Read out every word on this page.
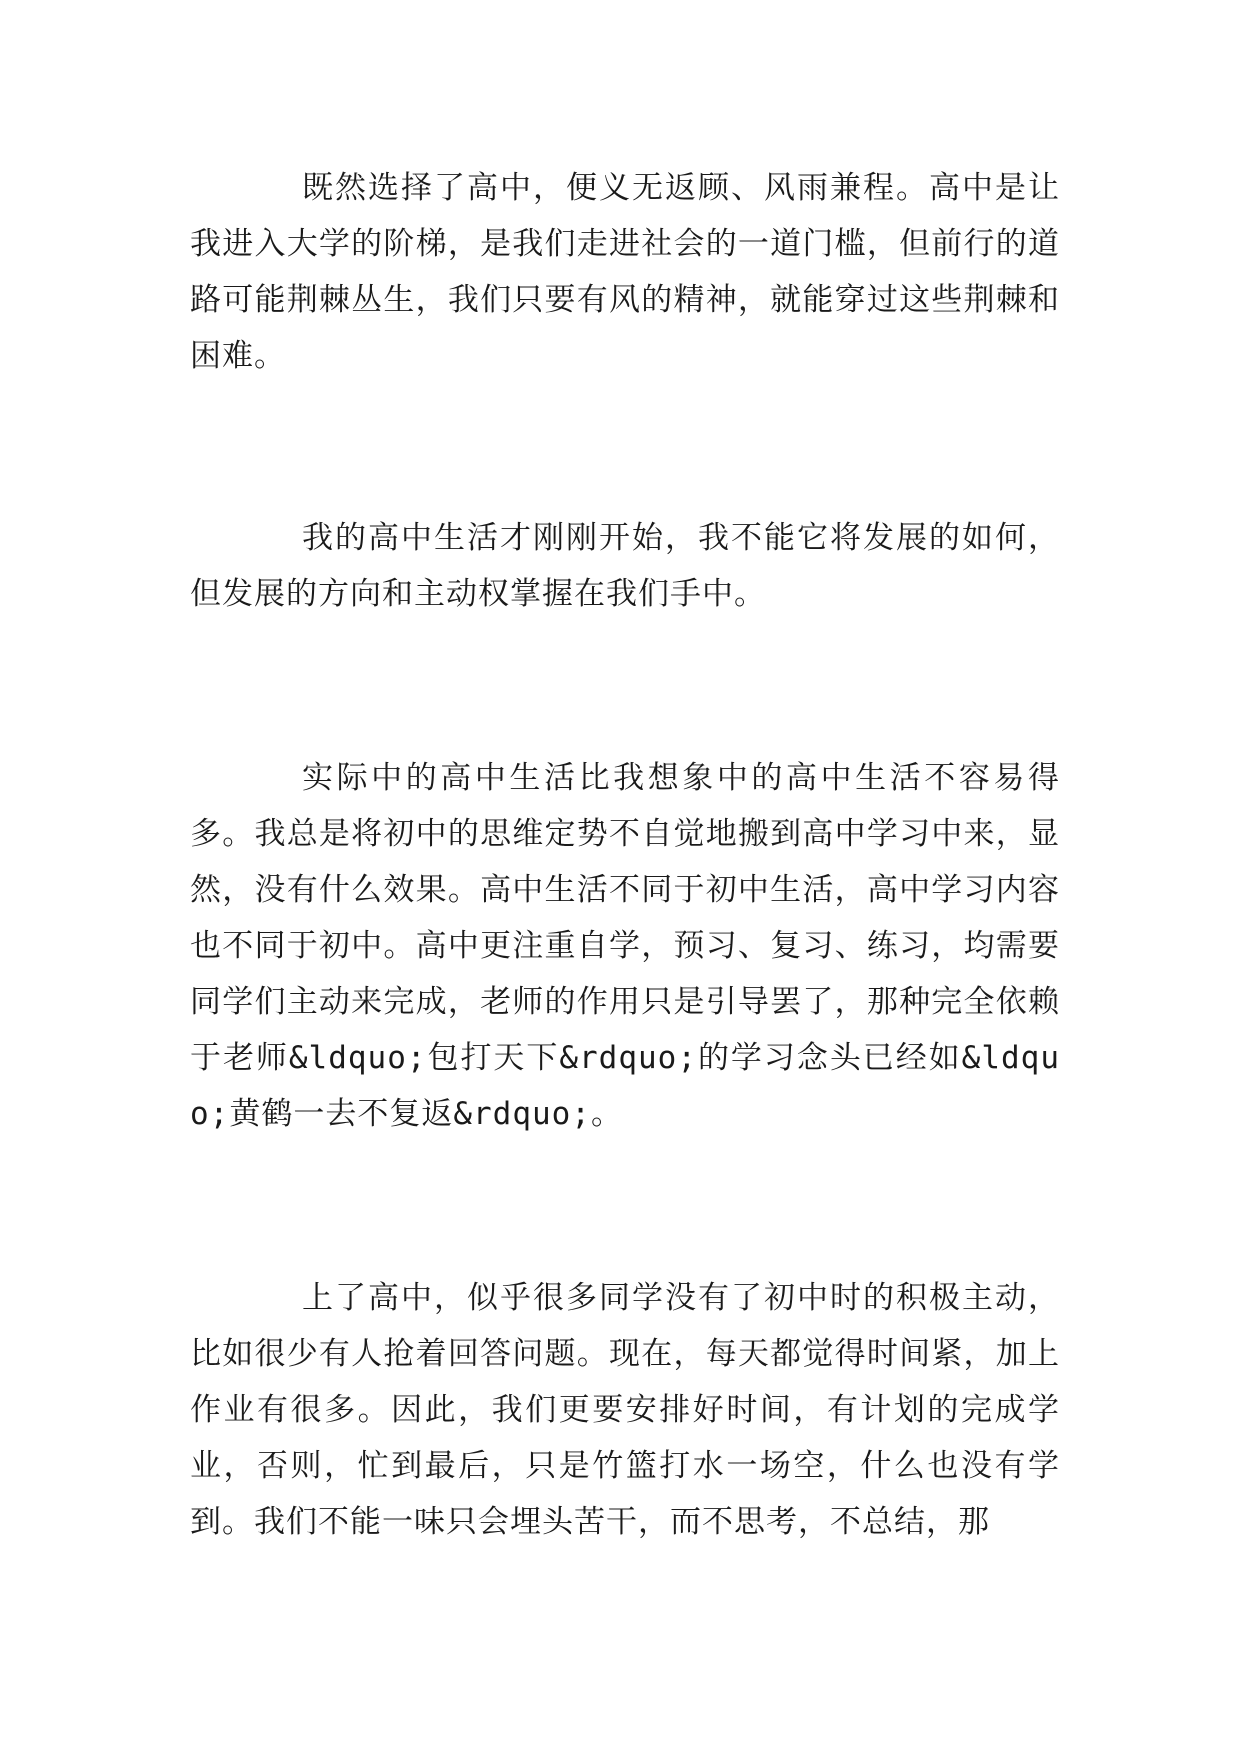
既然选择了高中，便义无返顾、风雨兼程。高中是让我进入大学的阶梯，是我们走进社会的一道门槛，但前行的道路可能荆棘丛生，我们只要有风的精神，就能穿过这些荆棘和困难。

我的高中生活才刚刚开始，我不能它将发展的如何，但发展的方向和主动权掌握在我们手中。

实际中的高中生活比我想象中的高中生活不容易得多。我总是将初中的思维定势不自觉地搬到高中学习中来，显然，没有什么效果。高中生活不同于初中生活，高中学习内容也不同于初中。高中更注重自学，预习、复习、练习，均需要同学们主动来完成，老师的作用只是引导罢了，那种完全依赖于老师&ldquo;包打天下&rdquo;的学习念头已经如&ldquo;黄鹤一去不复返&rdquo;。

上了高中，似乎很多同学没有了初中时的积极主动，比如很少有人抢着回答问题。现在，每天都觉得时间紧，加上作业有很多。因此，我们更要安排好时间，有计划的完成学业，否则，忙到最后，只是竹篮打水一场空，什么也没有学到。我们不能一味只会埋头苦干，而不思考，不总结，那
